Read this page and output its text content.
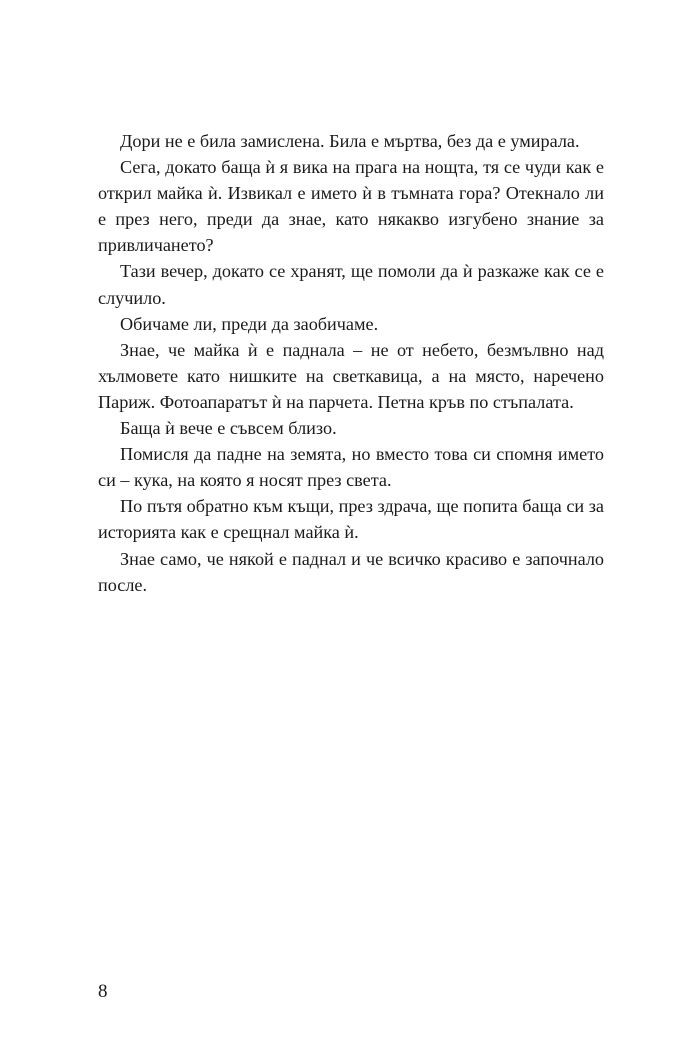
Дори не е била замислена. Била е мъртва, без да е умирала.

Сега, докато баща ѝ я вика на прага на нощта, тя се чуди как е открил майка ѝ. Извикал е името ѝ в тъмната гора? Отекнало ли е през него, преди да знае, като някакво изгубено знание за привличането?

Тази вечер, докато се хранят, ще помоли да ѝ разкаже как се е случило.

Обичаме ли, преди да заобичаме.

Знае, че майка ѝ е паднала – не от небето, безмълвно над хълмовете като нишките на светкавица, а на място, наречено Париж. Фотоапаратът ѝ на парчета. Петна кръв по стъпалата.

Баща ѝ вече е съвсем близо.

Помисля да падне на земята, но вместо това си спомня името си – кука, на която я носят през света.

По пътя обратно към къщи, през здрача, ще попита баща си за историята как е срещнал майка ѝ.

Знае само, че някой е паднал и че всичко красиво е започнало после.

8
